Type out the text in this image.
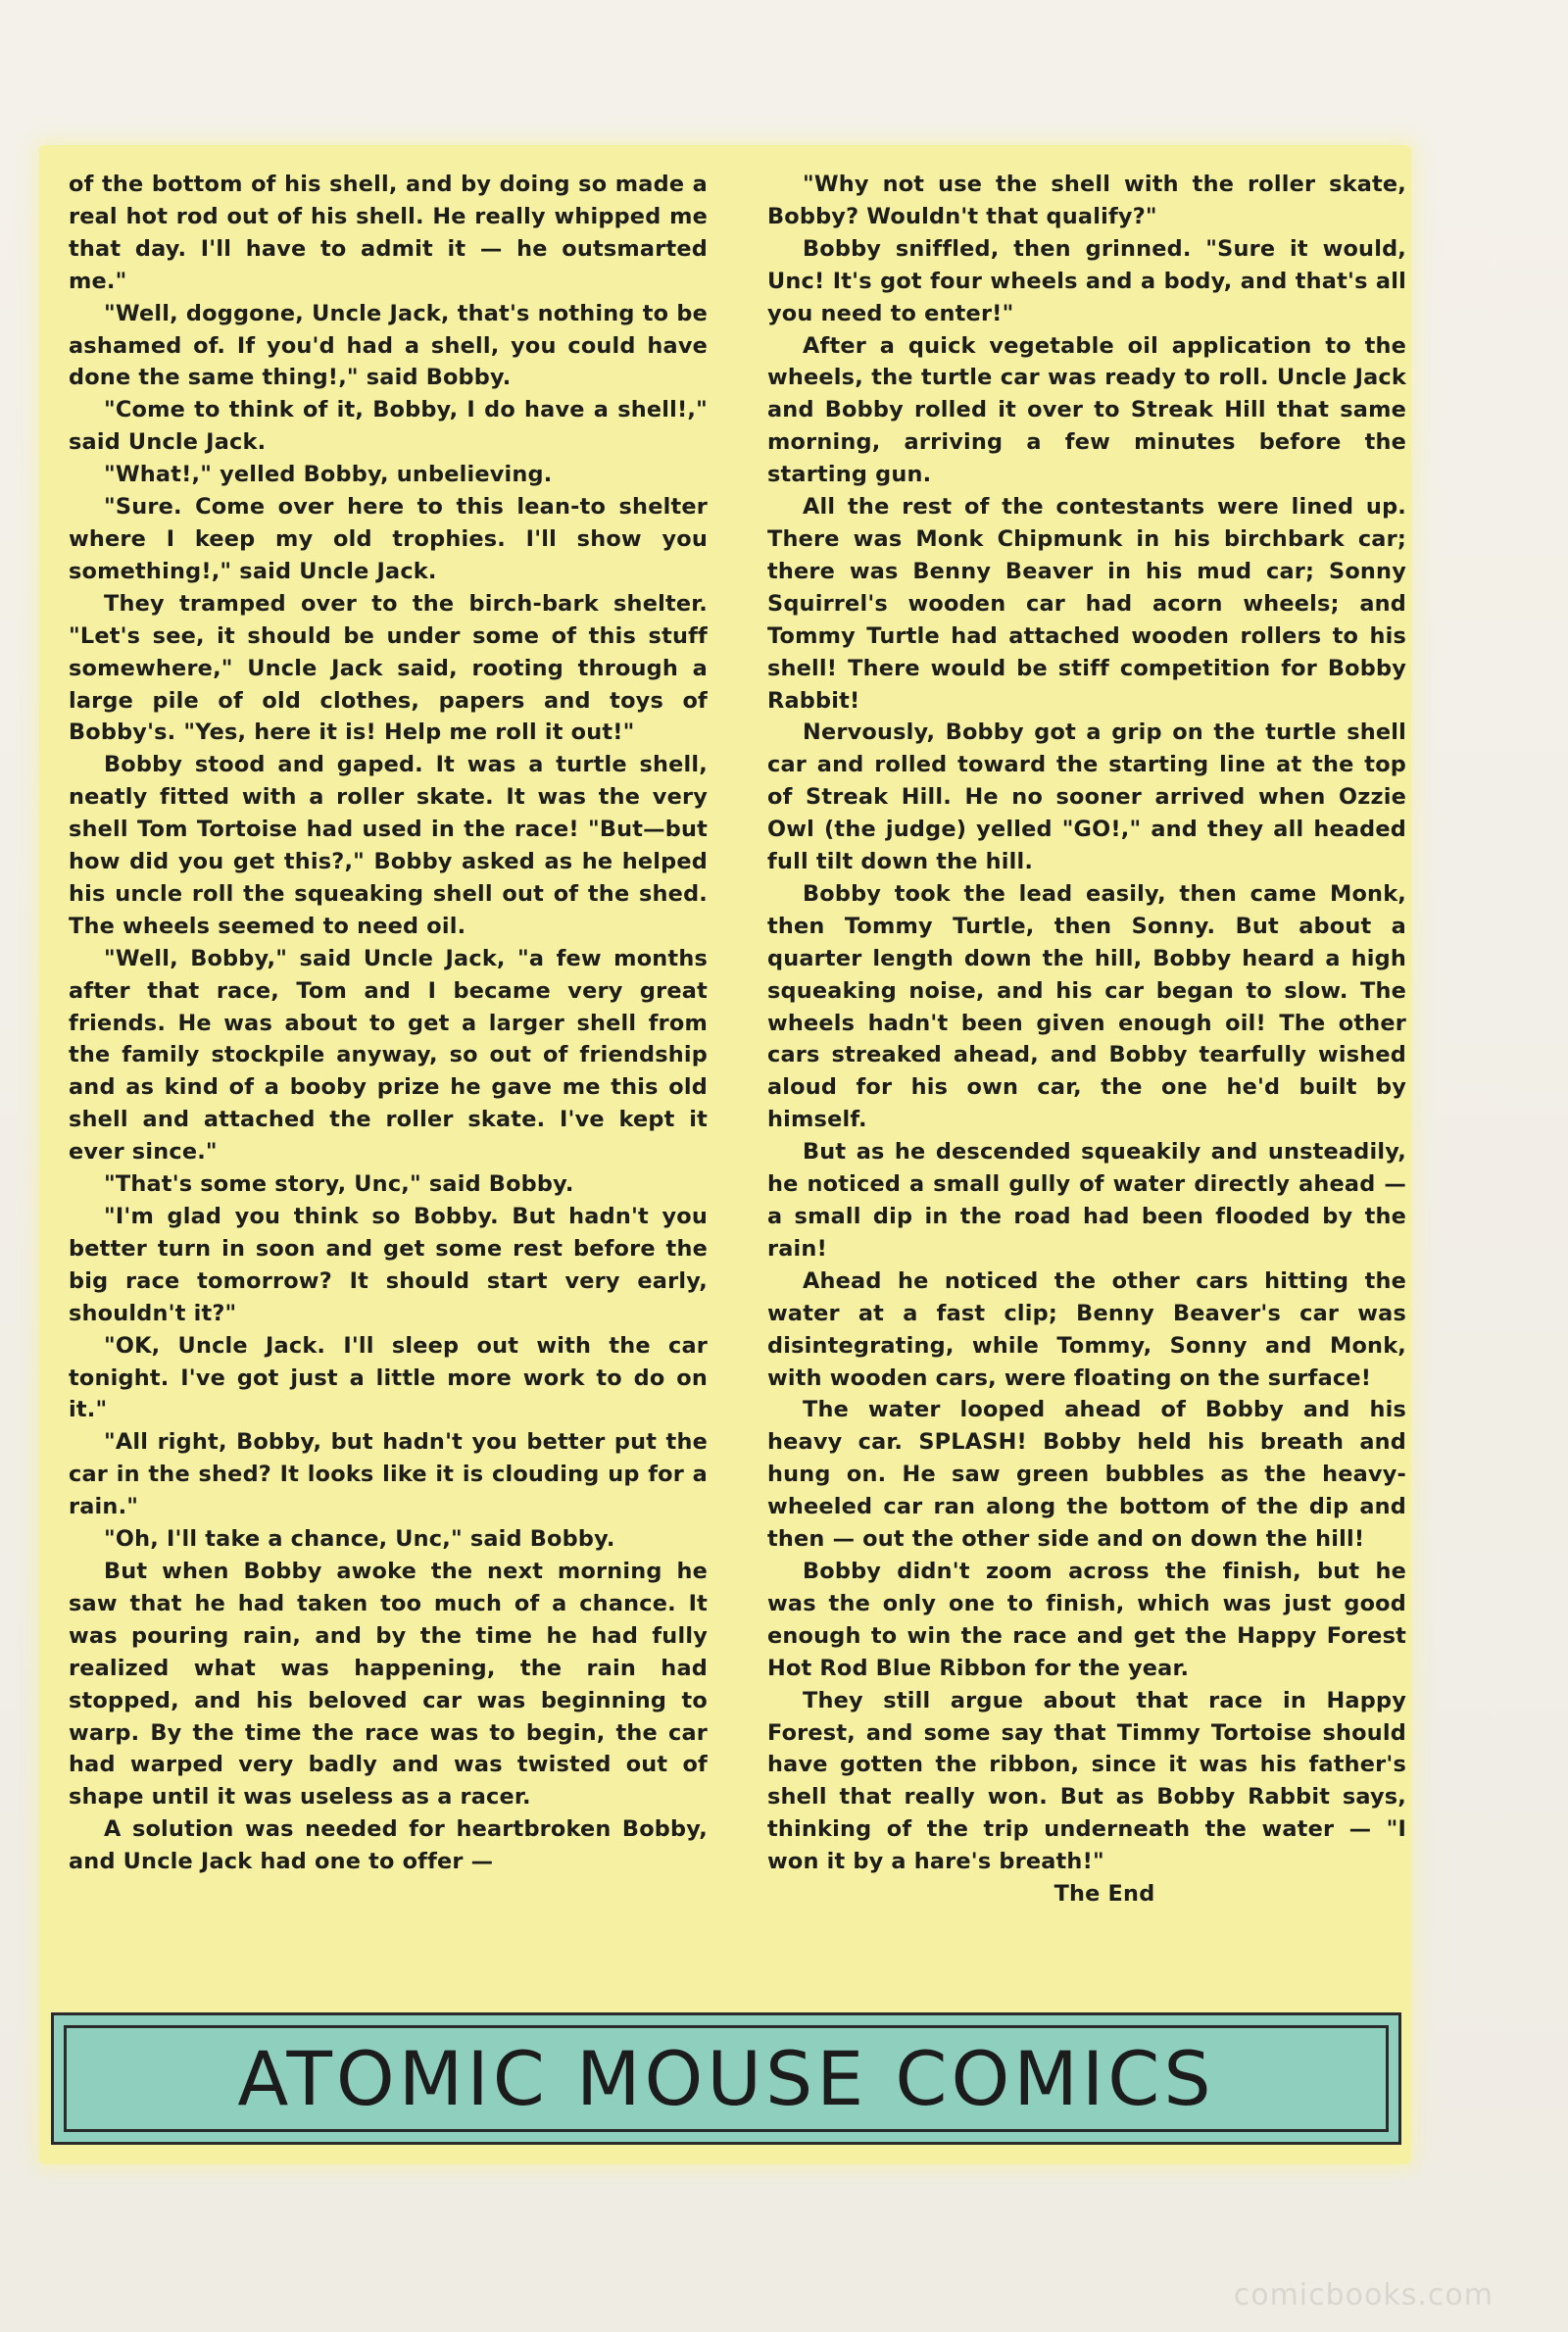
of the bottom of his shell, and by doing so made a real hot rod out of his shell. He really whipped me that day. I'll have to admit it — he outsmarted me."

"Well, doggone, Uncle Jack, that's nothing to be ashamed of. If you'd had a shell, you could have done the same thing!," said Bobby.

"Come to think of it, Bobby, I do have a shell!," said Uncle Jack.

"What!," yelled Bobby, unbelieving.

"Sure. Come over here to this lean-to shelter where I keep my old trophies. I'll show you something!," said Uncle Jack.

They tramped over to the birch-bark shelter. "Let's see, it should be under some of this stuff somewhere," Uncle Jack said, rooting through a large pile of old clothes, papers and toys of Bobby's. "Yes, here it is! Help me roll it out!"

Bobby stood and gaped. It was a turtle shell, neatly fitted with a roller skate. It was the very shell Tom Tortoise had used in the race! "But—but how did you get this?," Bobby asked as he helped his uncle roll the squeaking shell out of the shed. The wheels seemed to need oil.

"Well, Bobby," said Uncle Jack, "a few months after that race, Tom and I became very great friends. He was about to get a larger shell from the family stockpile anyway, so out of friendship and as kind of a booby prize he gave me this old shell and attached the roller skate. I've kept it ever since."

"That's some story, Unc," said Bobby.

"I'm glad you think so Bobby. But hadn't you better turn in soon and get some rest before the big race tomorrow? It should start very early, shouldn't it?"

"OK, Uncle Jack. I'll sleep out with the car tonight. I've got just a little more work to do on it."

"All right, Bobby, but hadn't you better put the car in the shed? It looks like it is clouding up for a rain."

"Oh, I'll take a chance, Unc," said Bobby.

But when Bobby awoke the next morning he saw that he had taken too much of a chance. It was pouring rain, and by the time he had fully realized what was happening, the rain had stopped, and his beloved car was beginning to warp. By the time the race was to begin, the car had warped very badly and was twisted out of shape until it was useless as a racer.

A solution was needed for heartbroken Bobby, and Uncle Jack had one to offer —

"Why not use the shell with the roller skate, Bobby? Wouldn't that qualify?"

Bobby sniffled, then grinned. "Sure it would, Unc! It's got four wheels and a body, and that's all you need to enter!"

After a quick vegetable oil application to the wheels, the turtle car was ready to roll. Uncle Jack and Bobby rolled it over to Streak Hill that same morning, arriving a few minutes before the starting gun.

All the rest of the contestants were lined up. There was Monk Chipmunk in his birchbark car; there was Benny Beaver in his mud car; Sonny Squirrel's wooden car had acorn wheels; and Tommy Turtle had attached wooden rollers to his shell! There would be stiff competition for Bobby Rabbit!

Nervously, Bobby got a grip on the turtle shell car and rolled toward the starting line at the top of Streak Hill. He no sooner arrived when Ozzie Owl (the judge) yelled "GO!," and they all headed full tilt down the hill.

Bobby took the lead easily, then came Monk, then Tommy Turtle, then Sonny. But about a quarter length down the hill, Bobby heard a high squeaking noise, and his car began to slow. The wheels hadn't been given enough oil! The other cars streaked ahead, and Bobby tearfully wished aloud for his own car, the one he'd built by himself.

But as he descended squeakily and unsteadily, he noticed a small gully of water directly ahead — a small dip in the road had been flooded by the rain!

Ahead he noticed the other cars hitting the water at a fast clip; Benny Beaver's car was disintegrating, while Tommy, Sonny and Monk, with wooden cars, were floating on the surface!

The water looped ahead of Bobby and his heavy car. SPLASH! Bobby held his breath and hung on. He saw green bubbles as the heavy-wheeled car ran along the bottom of the dip and then — out the other side and on down the hill!

Bobby didn't zoom across the finish, but he was the only one to finish, which was just good enough to win the race and get the Happy Forest Hot Rod Blue Ribbon for the year.

They still argue about that race in Happy Forest, and some say that Timmy Tortoise should have gotten the ribbon, since it was his father's shell that really won. But as Bobby Rabbit says, thinking of the trip underneath the water — "I won it by a hare's breath!"

The End

ATOMIC MOUSE COMICS
comicbooks.com
